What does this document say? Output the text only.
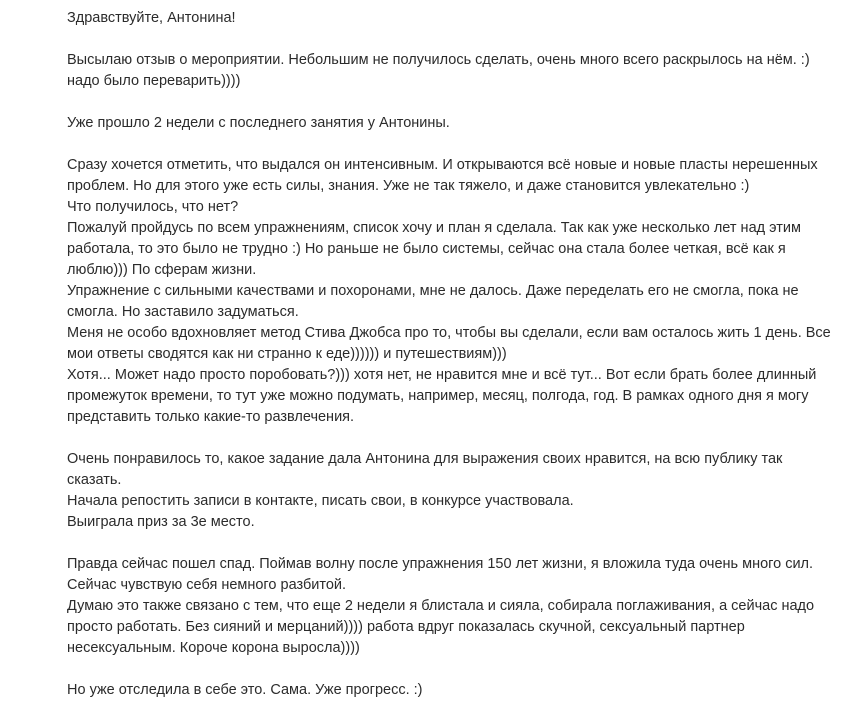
Здравствуйте, Антонина!
Высылаю отзыв о мероприятии. Небольшим не получилось сделать, очень много всего раскрылось на нём. :)
надо было переварить))))
Уже прошло 2 недели с последнего занятия у Антонины.
Сразу хочется отметить, что выдался он интенсивным. И открываются всё новые и новые пласты нерешенных
проблем. Но для этого уже есть силы, знания. Уже не так тяжело, и даже становится увлекательно :)
Что получилось, что нет?
Пожалуй пройдусь по всем упражнениям, список хочу и план я сделала. Так как уже несколько лет над этим
работала, то это было не трудно :) Но раньше не было системы, сейчас она стала более четкая, всё как я
люблю))) По сферам жизни.
Упражнение с сильными качествами и похоронами, мне не далось. Даже переделать его не смогла, пока не
смогла. Но заставило задуматься.
Меня не особо вдохновляет метод Стива Джобса про то, чтобы вы сделали, если вам осталось жить 1 день. Все
мои ответы сводятся как ни странно к еде)))))) и путешествиям)))
Хотя... Может надо просто поробовать?))) хотя нет, не нравится мне и всё тут... Вот если брать более длинный
промежуток времени, то тут уже можно подумать, например, месяц, полгода, год. В рамках одного дня я могу
представить только какие-то развлечения.
Очень понравилось то, какое задание дала Антонина для выражения своих нравится, на всю публику так
сказать.
Начала репостить записи в контакте, писать свои, в конкурсе участвовала.
Выиграла приз за 3е место.
Правда сейчас пошел спад. Поймав волну после упражнения 150 лет жизни, я вложила туда очень много сил.
Сейчас чувствую себя немного разбитой.
Думаю это также связано с тем, что еще 2 недели я блистала и сияла, собирала поглаживания, а сейчас надо
просто работать. Без сияний и мерцаний)))) работа вдруг показалась скучной, сексуальный партнер
несексуальным. Короче корона выросла))))
Но уже отследила в себе это. Сама. Уже прогресс. :)
